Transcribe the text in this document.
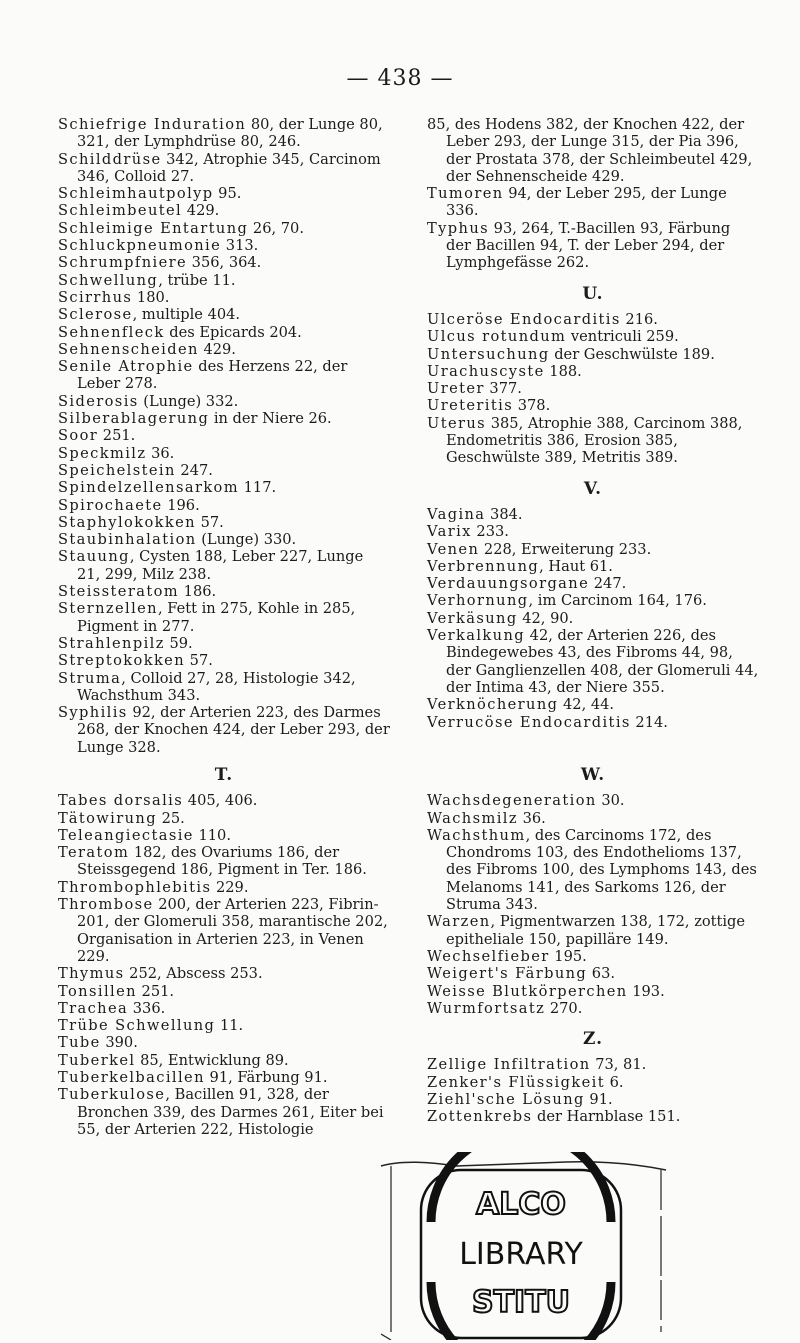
— 438 —

Schiefrige Induration 80, der Lunge 80, 321, der Lymphdrüse 80, 246.

Schilddrüse 342, Atrophie 345, Carcinom 346, Colloid 27.

Schleimhautpolyp 95.

Schleimbeutel 429.

Schleimige Entartung 26, 70.

Schluckpneumonie 313.

Schrumpfniere 356, 364.

Schwellung, trübe 11.

Scirrhus 180.

Sclerose, multiple 404.

Sehnenfleck des Epicards 204.

Sehnenscheiden 429.

Senile Atrophie des Herzens 22, der Leber 278.

Siderosis (Lunge) 332.

Silberablagerung in der Niere 26.

Soor 251.

Speckmilz 36.

Speichelstein 247.

Spindelzellensarkom 117.

Spirochaete 196.

Staphylokokken 57.

Staubinhalation (Lunge) 330.

Stauung, Cysten 188, Leber 227, Lunge 21, 299, Milz 238.

Steissteratom 186.

Sternzellen, Fett in 275, Kohle in 285, Pigment in 277.

Strahlenpilz 59.

Streptokokken 57.

Struma, Colloid 27, 28, Histologie 342, Wachsthum 343.

Syphilis 92, der Arterien 223, des Darmes 268, der Knochen 424, der Leber 293, der Lunge 328.

85, des Hodens 382, der Knochen 422, der Leber 293, der Lunge 315, der Pia 396, der Prostata 378, der Schleimbeutel 429, der Sehnenscheide 429.

Tumoren 94, der Leber 295, der Lunge 336.

Typhus 93, 264, T.-Bacillen 93, Färbung der Bacillen 94, T. der Leber 294, der Lymphgefässe 262.

U.

Ulceröse Endocarditis 216.

Ulcus rotundum ventriculi 259.

Untersuchung der Geschwülste 189.

Urachuscyste 188.

Ureter 377.

Ureteritis 378.

Uterus 385, Atrophie 388, Carcinom 388, Endometritis 386, Erosion 385, Geschwülste 389, Metritis 389.

V.

Vagina 384.

Varix 233.

Venen 228, Erweiterung 233.

Verbrennung, Haut 61.

Verdauungsorgane 247.

Verhornung, im Carcinom 164, 176.

Verkäsung 42, 90.

Verkalkung 42, der Arterien 226, des Bindegewebes 43, des Fibroms 44, 98, der Ganglienzellen 408, der Glomeruli 44, der Intima 43, der Niere 355.

Verknöcherung 42, 44.

Verrucöse Endocarditis 214.

T.

Tabes dorsalis 405, 406.

Tätowirung 25.

Teleangiectasie 110.

Teratom 182, des Ovariums 186, der Steissgegend 186, Pigment in Ter. 186.

Thrombophlebitis 229.

Thrombose 200, der Arterien 223, Fibrin- 201, der Glomeruli 358, marantische 202, Organisation in Arterien 223, in Venen 229.

Thymus 252, Abscess 253.

Tonsillen 251.

Trachea 336.

Trübe Schwellung 11.

Tube 390.

Tuberkel 85, Entwicklung 89.

Tuberkelbacillen 91, Färbung 91.

Tuberkulose, Bacillen 91, 328, der Bronchen 339, des Darmes 261, Eiter bei 55, der Arterien 222, Histologie

W.

Wachsdegeneration 30.

Wachsmilz 36.

Wachsthum, des Carcinoms 172, des Chondroms 103, des Endothelioms 137, des Fibroms 100, des Lymphoms 143, des Melanoms 141, des Sarkoms 126, der Struma 343.

Warzen, Pigmentwarzen 138, 172, zottige epitheliale 150, papilläre 149.

Wechselfieber 195.

Weigert's Färbung 63.

Weisse Blutkörperchen 193.

Wurmfortsatz 270.

Z.

Zellige Infiltration 73, 81.

Zenker's Flüssigkeit 6.

Ziehl'sche Lösung 91.

Zottenkrebs der Harnblase 151.

ALCO
LIBRARY
STITU
